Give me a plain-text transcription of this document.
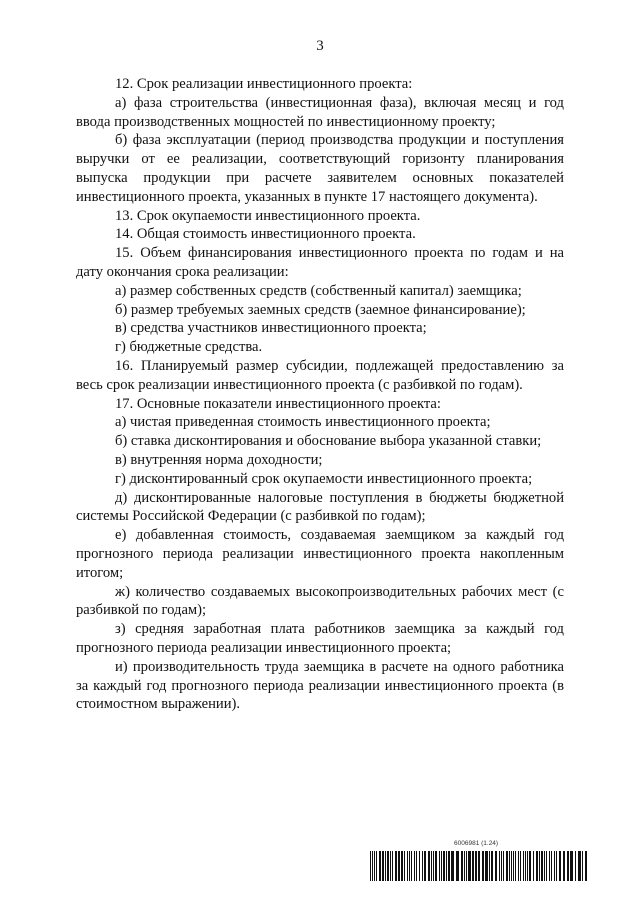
3

12. Срок реализации инвестиционного проекта:

а) фаза строительства (инвестиционная фаза), включая месяц и год ввода производственных мощностей по инвестиционному проекту;

б) фаза эксплуатации (период производства продукции и поступления выручки от ее реализации, соответствующий горизонту планирования выпуска продукции при расчете заявителем основных показателей инвестиционного проекта, указанных в пункте 17 настоящего документа).

13. Срок окупаемости инвестиционного проекта.

14. Общая стоимость инвестиционного проекта.

15. Объем финансирования инвестиционного проекта по годам и на дату окончания срока реализации:

а) размер собственных средств (собственный капитал) заемщика;

б) размер требуемых заемных средств (заемное финансирование);

в) средства участников инвестиционного проекта;

г) бюджетные средства.

16. Планируемый размер субсидии, подлежащей предоставлению за весь срок реализации инвестиционного проекта (с разбивкой по годам).

17. Основные показатели инвестиционного проекта:

а) чистая приведенная стоимость инвестиционного проекта;

б) ставка дисконтирования и обоснование выбора указанной ставки;

в) внутренняя норма доходности;

г) дисконтированный срок окупаемости инвестиционного проекта;

д) дисконтированные налоговые поступления в бюджеты бюджетной системы Российской Федерации (с разбивкой по годам);

е) добавленная стоимость, создаваемая заемщиком за каждый год прогнозного периода реализации инвестиционного проекта накопленным итогом;

ж) количество создаваемых высокопроизводительных рабочих мест (с разбивкой по годам);

з) средняя заработная плата работников заемщика за каждый год прогнозного периода реализации инвестиционного проекта;

и) производительность труда заемщика в расчете на одного работника за каждый год прогнозного периода реализации инвестиционного проекта (в стоимостном выражении).

6006981 (1.24)
